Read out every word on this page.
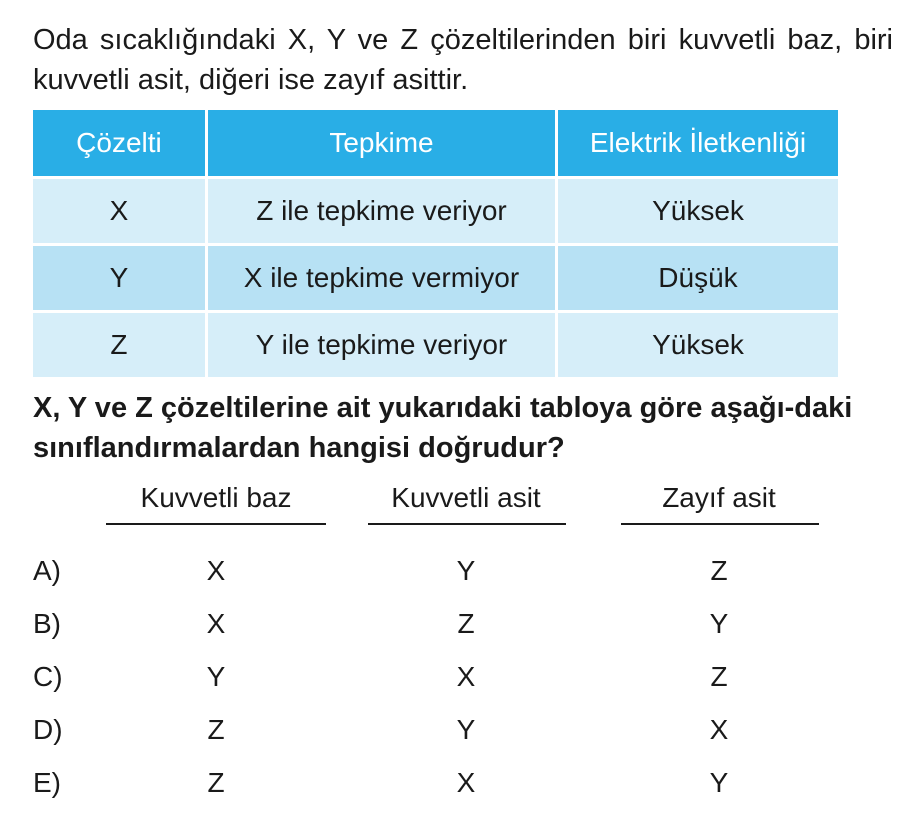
Oda sıcaklığındaki X, Y ve Z çözeltilerinden biri kuvvetli baz, biri kuvvetli asit, diğeri ise zayıf asittir.

Çözelti	Tepkime	Elektrik İletkenliği
X	Z ile tepkime veriyor	Yüksek
Y	X ile tepkime vermiyor	Düşük
Z	Y ile tepkime veriyor	Yüksek

X, Y ve Z çözeltilerine ait yukarıdaki tabloya göre aşağı-daki sınıflandırmalardan hangisi doğrudur?

Kuvvetli baz	Kuvvetli asit	Zayıf asit
A)	X	Y	Z
B)	X	Z	Y
C)	Y	X	Z
D)	Z	Y	X
E)	Z	X	Y
